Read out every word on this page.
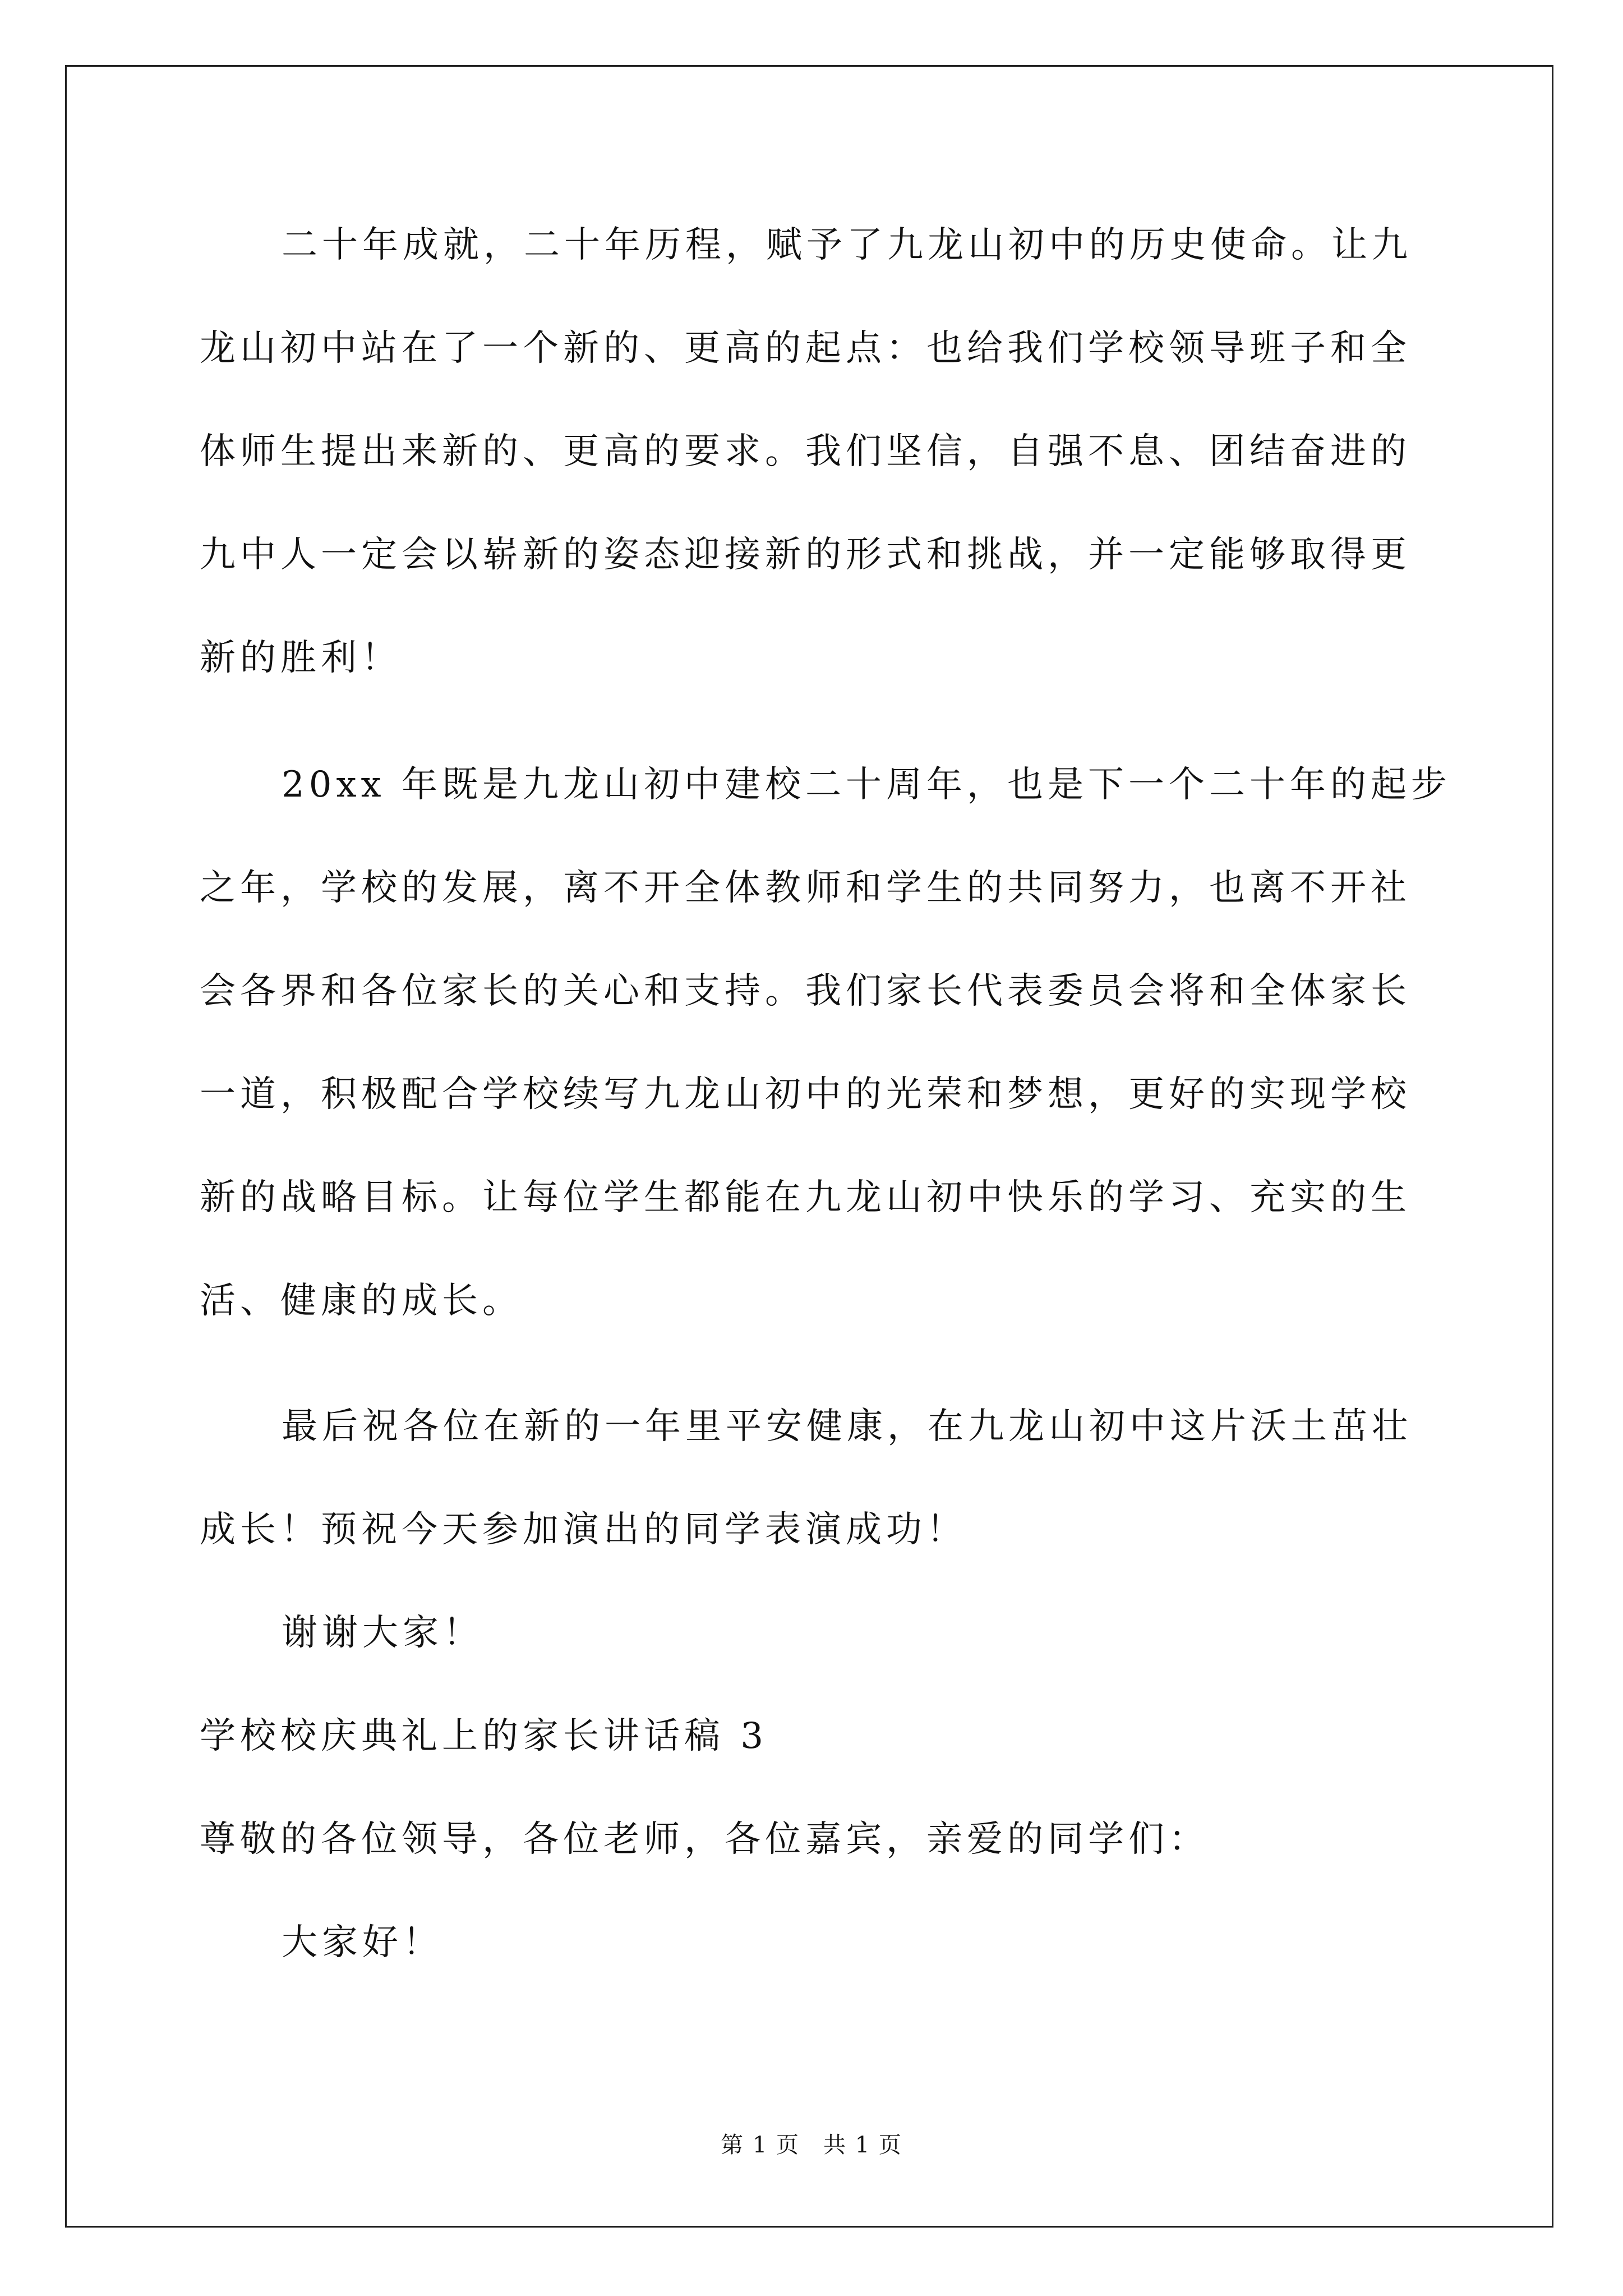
二十年成就，二十年历程，赋予了九龙山初中的历史使命。让九
龙山初中站在了一个新的、更高的起点：也给我们学校领导班子和全
体师生提出来新的、更高的要求。我们坚信，自强不息、团结奋进的
九中人一定会以崭新的姿态迎接新的形式和挑战，并一定能够取得更
新的胜利！
20xx 年既是九龙山初中建校二十周年，也是下一个二十年的起步
之年，学校的发展，离不开全体教师和学生的共同努力，也离不开社
会各界和各位家长的关心和支持。我们家长代表委员会将和全体家长
一道，积极配合学校续写九龙山初中的光荣和梦想，更好的实现学校
新的战略目标。让每位学生都能在九龙山初中快乐的学习、充实的生
活、健康的成长。
最后祝各位在新的一年里平安健康，在九龙山初中这片沃土茁壮
成长！预祝今天参加演出的同学表演成功！
谢谢大家！
学校校庆典礼上的家长讲话稿 3
尊敬的各位领导，各位老师，各位嘉宾，亲爱的同学们：
大家好！
第 1 页　共 1 页
